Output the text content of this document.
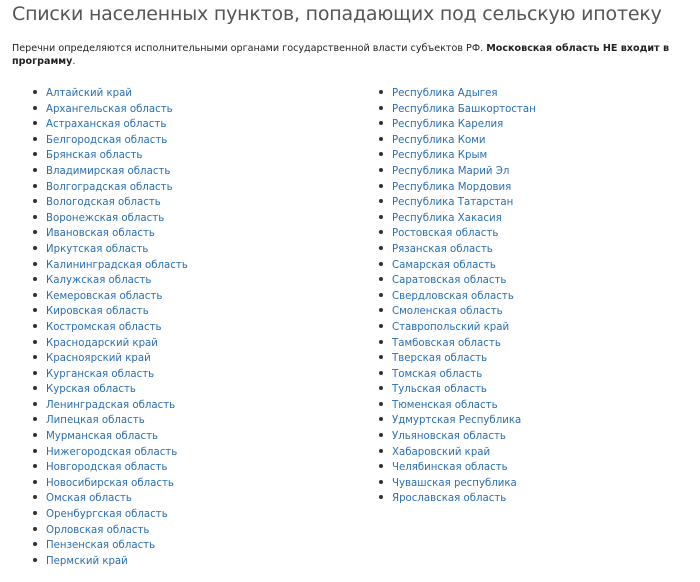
Списки населенных пунктов, попадающих под сельскую ипотеку

Перечни определяются исполнительными органами государственной власти субъектов РФ. Московская область НЕ входит в программу.

Алтайский край
Архангельская область
Астраханская область
Белгородская область
Брянская область
Владимирская область
Волгоградская область
Вологодская область
Воронежская область
Ивановская область
Иркутская область
Калининградская область
Калужская область
Кемеровская область
Кировская область
Костромская область
Краснодарский край
Красноярский край
Курганская область
Курская область
Ленинградская область
Липецкая область
Мурманская область
Нижегородская область
Новгородская область
Новосибирская область
Омская область
Оренбургская область
Орловская область
Пензенская область
Пермский край
Республика Адыгея
Республика Башкортостан
Республика Карелия
Республика Коми
Республика Крым
Республика Марий Эл
Республика Мордовия
Республика Татарстан
Республика Хакасия
Ростовская область
Рязанская область
Самарская область
Саратовская область
Свердловская область
Смоленская область
Ставропольский край
Тамбовская область
Тверская область
Томская область
Тульская область
Тюменская область
Удмуртская Республика
Ульяновская область
Хабаровский край
Челябинская область
Чувашская республика
Ярославская область
